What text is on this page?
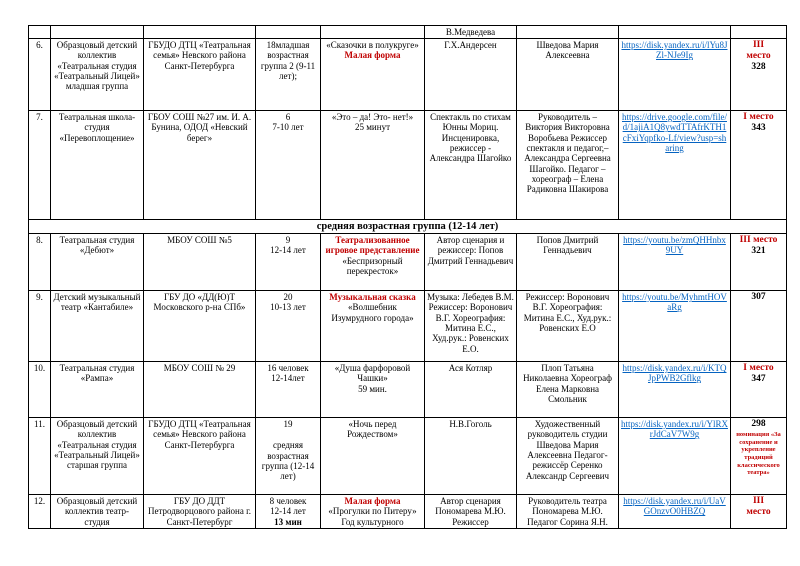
					В.Медведева			
6.	Образцовый детский коллектив «Театральная студия «Театральный Лицей» младшая группа	ГБУДО ДТЦ «Театральная семья» Невского района Санкт-Петербурга	18младшая возрастная группа 2 (9-11 лет);	«Сказочки в полукруге»
Малая форма	Г.Х.Андерсен	Шведова Мария Алексеевна	https://disk.yandex.ru/i/lYu8JZl-NJe9Ig	III место
328

7.	Театральная школа-студия «Перевоплощение»	ГБОУ СОШ №27 им. И. А. Бунина, ОДОД «Невский берег»	6
7-10 лет	«Это – да! Это- нет!»
25 минут	Спектакль по стихам Юнны Мориц. Инсценировка, режиссер - Александра Шагойко	Руководитель – Виктория Викторовна Воробьева Режиссер спектакля и педагог,– Александра Сергеевна Шагойко. Педагог –хореограф – Елена Радиковна Шакирова	https://drive.google.com/file/d/1ajiA1Q8ywdTTAfrKTH1cFxiYqpfko-Lf/view?usp=sharing	I место
343

средняя возрастная группа (12-14 лет)								
8.	Театральная студия «Дебют»	МБОУ СОШ №5	9
12-14 лет	Театрализованное игровое представление
«Беспризорный перекресток»	Автор сценария и режиссер: Попов Дмитрий Геннадьевич	Попов Дмитрий Геннадьевич	https://youtu.be/zmQHHnbx9UY	III место
321

9.	Детский музыкальный театр «Кантабиле»	ГБУ ДО «ДД(Ю)Т Московского р-на СПб»	20
10-13 лет	Музыкальная сказка
«Волшебник Изумрудного города»	Музыка: Лебедев В.М. Режиссер: Воронович В.Г. Хореография: Митина Е.С., Худ.рук.: Ровенских Е.О.	Режиссер: Воронович В.Г. Хореография: Митина Е.С., Худ.рук.: Ровенских Е.О	https://youtu.be/MyhmtHOVaRg	307

10.	Театральная студия «Рампа»	МБОУ СОШ № 29	16 человек
12-14лет	«Душа фарфоровой Чашки»
59 мин.	Ася Котляр	Плоп Татьяна Николаевна Хореограф Елена Марковна Смольник	https://disk.yandex.ru/i/KTQJpPWB2Gflkg	I место
347

11.	Образцовый детский коллектив «Театральная студия «Театральный Лицей» старшая группа	ГБУДО ДТЦ «Театральная семья» Невского района Санкт-Петербурга	19
средняя возрастная группа (12-14 лет)	«Ночь перед Рождеством»	Н.В.Гоголь	Художественный руководитель студии Шведова Мария Алексеевна Педагог-режиссёр Серенко Александр Сергеевич	https://disk.yandex.ru/i/YlRXrJdCaV7W9g	298
номинация «За сохранение и укрепление традиций классического театра»

12.	Образцовый детский коллектив театр-студия	ГБУ ДО ДДТ Петродворцового района г. Санкт-Петербург	8 человек
12-14 лет
13 мин	Малая форма
«Прогулки по Питеру»
Год культурного	Автор сценария Пономарева М.Ю. Режиссер	Руководитель театра Пономарева М.Ю. Педагог Сорина Я.Н.	https://disk.yandex.ru/i/UaVGOnzvO0HBZQ	III место
